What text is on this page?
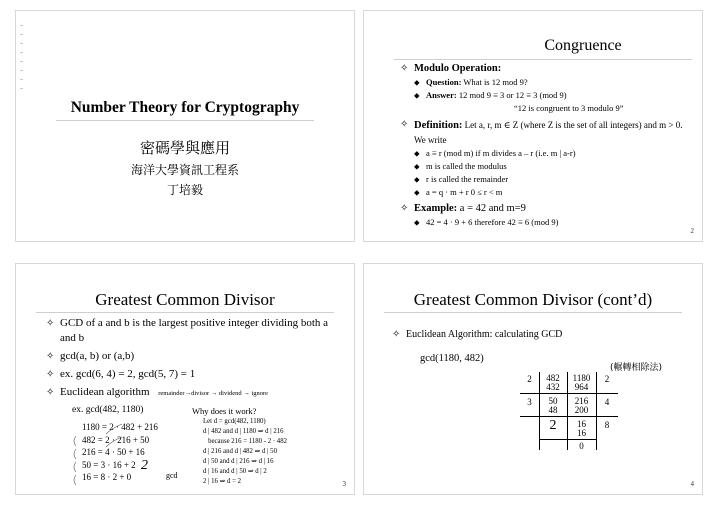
Number Theory for Cryptography
密碼學與應用
海洋大學資訊工程系
丁培毅
Congruence
✧ Modulo Operation:
⬥ Question: What is 12 mod 9?
⬥ Answer: 12 mod 9 ≡ 3 or 12 ≡ 3 (mod 9)
“12 is congruent to 3 modulo 9”
✧ Definition: Let a, r, m ∈ Z (where Z is the set of all integers) and m > 0. We write
⬥ a ≡ r (mod m) if m divides a – r (i.e. m | a-r)
⬥ m is called the modulus
⬥ r is called the remainder
⬥ a = q · m + r 0 ≤ r < m
✧ Example: a = 42 and m=9
⬥ 42 = 4 · 9 + 6 therefore 42 ≡ 6 (mod 9)
2
Greatest Common Divisor
✧ GCD of a and b is the largest positive integer dividing both a and b
✧ gcd(a, b) or (a,b)
✧ ex. gcd(6, 4) = 2, gcd(5, 7) = 1
✧ Euclidean algorithm remainder→divisor → dividend → ignore
ex. gcd(482, 1180)	Why does it work?
1180 = 2 · 482 + 216
482 = 2 · 216 + 50
216 = 4 · 50 + 16
50 = 3 · 16 + 2
16 = 8 · 2 + 0
2
gcd
Let d = gcd(482, 1180)
d | 482 and d | 1180 ⇒ d | 216
because 216 = 1180 - 2 · 482
d | 216 and d | 482 ⇒ d | 50
d | 50 and d | 216 ⇒ d | 16
d | 16 and d | 50 ⇒ d | 2
2 | 16 ⇒ d = 2	3
Greatest Common Divisor (cont’d)
✧ Euclidean Algorithm: calculating GCD
gcd(1180, 482)
(輾轉相除法)
2
3
482
432
50
48
2
1180
964
216
200
16
16
0
2
4
8
4
